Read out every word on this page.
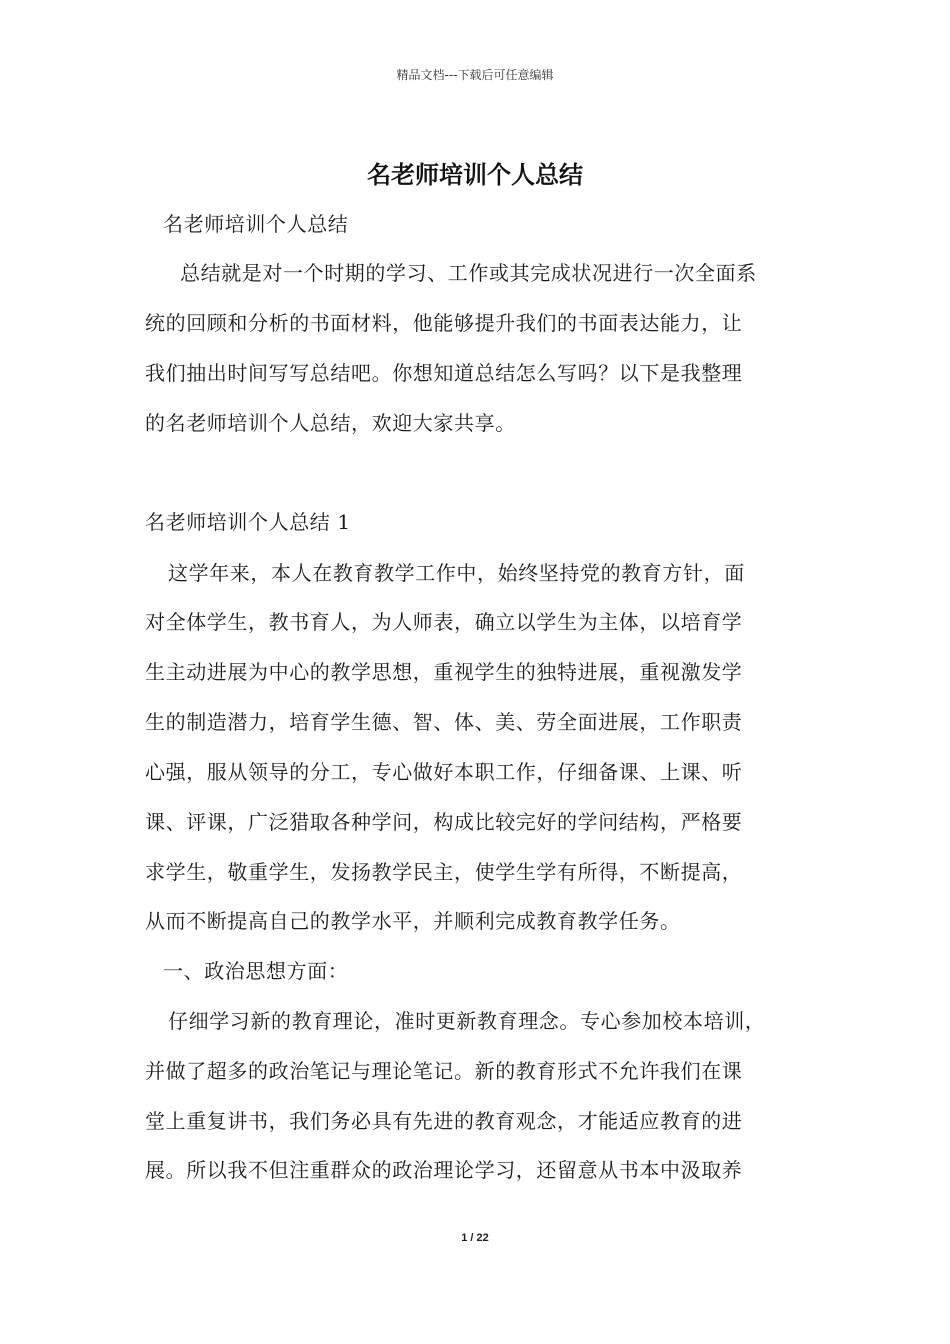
精品文档---下载后可任意编辑
名老师培训个人总结
名老师培训个人总结
总结就是对一个时期的学习、工作或其完成状况进行一次全面系
统的回顾和分析的书面材料，他能够提升我们的书面表达能力，让
我们抽出时间写写总结吧。你想知道总结怎么写吗？以下是我整理
的名老师培训个人总结，欢迎大家共享。
名老师培训个人总结 1
这学年来，本人在教育教学工作中，始终坚持党的教育方针，面
对全体学生，教书育人，为人师表，确立以学生为主体，以培育学
生主动进展为中心的教学思想，重视学生的独特进展，重视激发学
生的制造潜力，培育学生德、智、体、美、劳全面进展，工作职责
心强，服从领导的分工，专心做好本职工作，仔细备课、上课、听
课、评课，广泛猎取各种学问，构成比较完好的学问结构，严格要
求学生，敬重学生，发扬教学民主，使学生学有所得，不断提高，
从而不断提高自己的教学水平，并顺利完成教育教学任务。
一、政治思想方面：
仔细学习新的教育理论，准时更新教育理念。专心参加校本培训，
并做了超多的政治笔记与理论笔记。新的教育形式不允许我们在课
堂上重复讲书，我们务必具有先进的教育观念，才能适应教育的进
展。所以我不但注重群众的政治理论学习，还留意从书本中汲取养
1 / 22
